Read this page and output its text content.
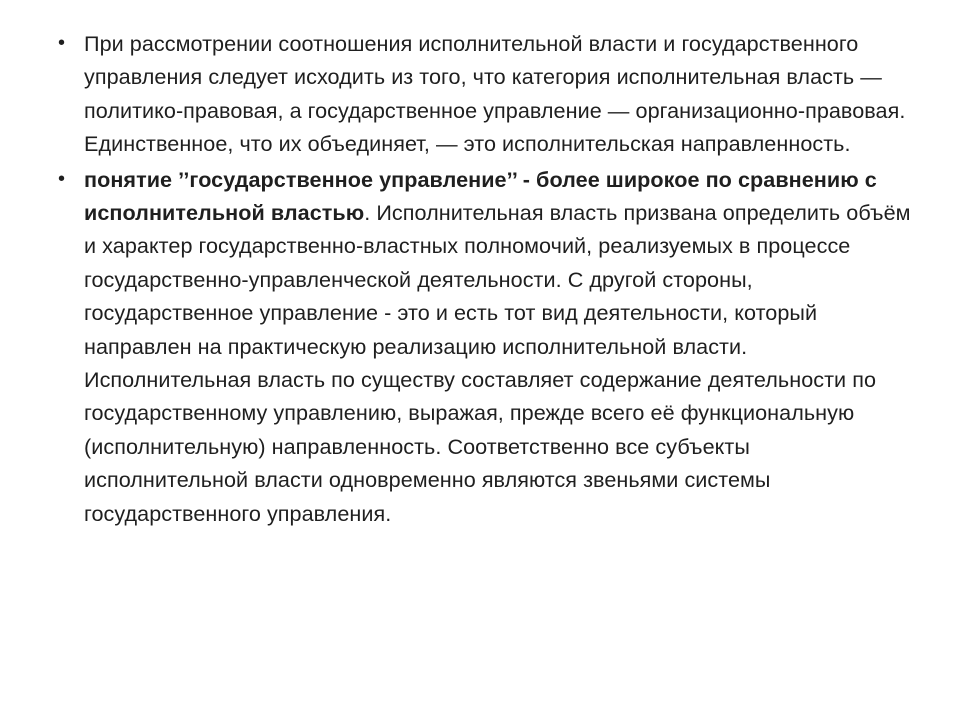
• При рассмотрении соотношения исполнительной власти и государственного управления следует исходить из того, что категория исполнительная власть — политико-правовая, а государственное управление — организационно-правовая. Единственное, что их объединяет, — это исполнительская направленность.
• понятие ’’государственное управление’’ - более широкое по сравнению с исполнительной властью. Исполнительная власть призвана определить объём и характер государственно-властных полномочий, реализуемых в процессе государственно-управленческой деятельности. С другой стороны, государственное управление - это и есть тот вид деятельности, который направлен на практическую реализацию исполнительной власти. Исполнительная власть по существу составляет содержание деятельности по государственному управлению, выражая, прежде всего её функциональную (исполнительную) направленность. Соответственно все субъекты исполнительной власти одновременно являются звеньями системы государственного управления.
